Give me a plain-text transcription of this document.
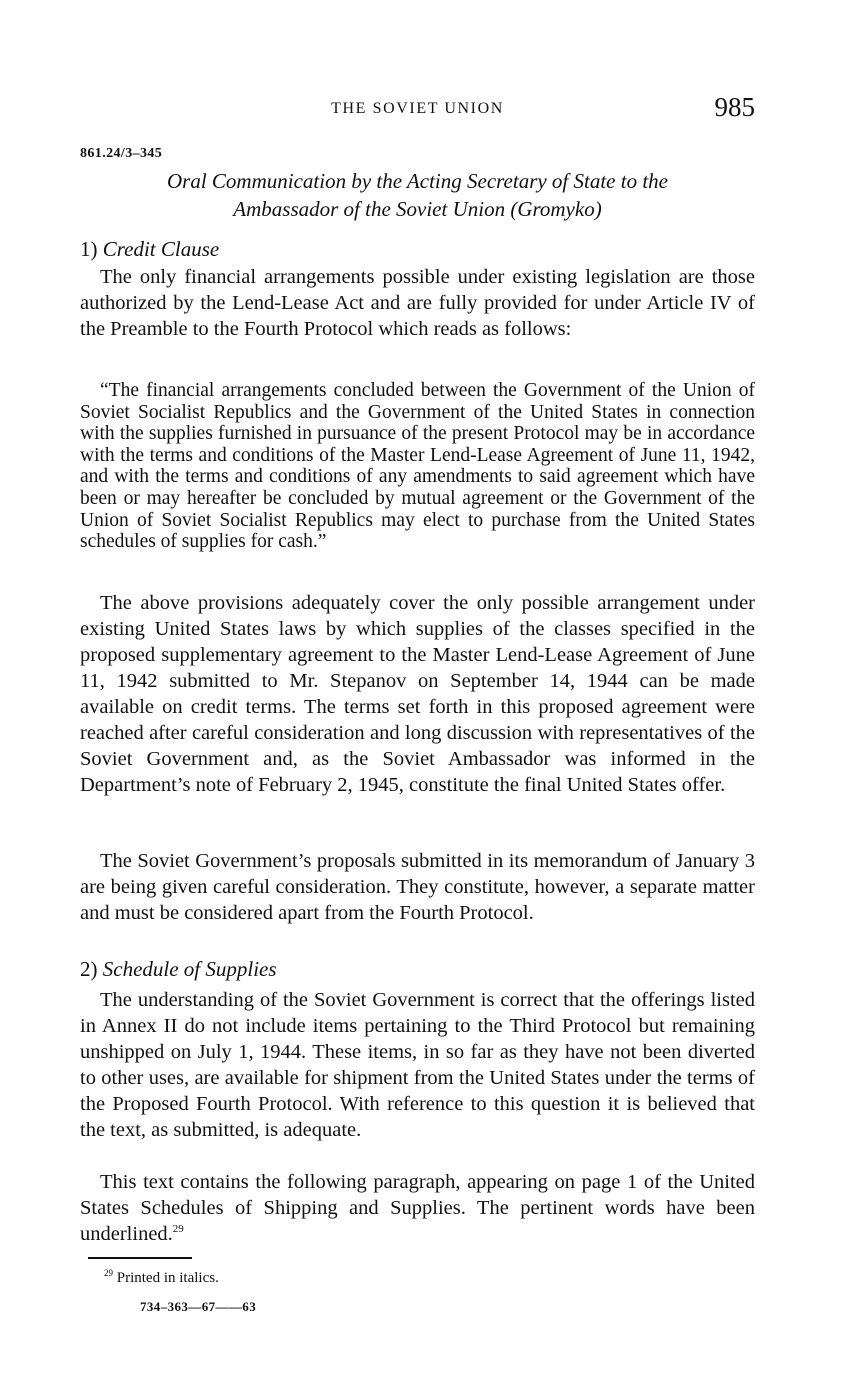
THE SOVIET UNION	985
861.24/3–345
Oral Communication by the Acting Secretary of State to the
Ambassador of the Soviet Union (Gromyko)
1) Credit Clause

The only financial arrangements possible under existing legislation are those authorized by the Lend-Lease Act and are fully provided for under Article IV of the Preamble to the Fourth Protocol which reads as follows:

“The financial arrangements concluded between the Government of the Union of Soviet Socialist Republics and the Government of the United States in connection with the supplies furnished in pursuance of the present Protocol may be in accordance with the terms and conditions of the Master Lend-Lease Agreement of June 11, 1942, and with the terms and conditions of any amendments to said agreement which have been or may hereafter be concluded by mutual agreement or the Government of the Union of Soviet Socialist Republics may elect to purchase from the United States schedules of supplies for cash.”

The above provisions adequately cover the only possible arrangement under existing United States laws by which supplies of the classes specified in the proposed supplementary agreement to the Master Lend-Lease Agreement of June 11, 1942 submitted to Mr. Stepanov on September 14, 1944 can be made available on credit terms. The terms set forth in this proposed agreement were reached after careful consideration and long discussion with representatives of the Soviet Government and, as the Soviet Ambassador was informed in the Department’s note of February 2, 1945, constitute the final United States offer.

The Soviet Government’s proposals submitted in its memorandum of January 3 are being given careful consideration. They constitute, however, a separate matter and must be considered apart from the Fourth Protocol.

2) Schedule of Supplies

The understanding of the Soviet Government is correct that the offerings listed in Annex II do not include items pertaining to the Third Protocol but remaining unshipped on July 1, 1944. These items, in so far as they have not been diverted to other uses, are available for shipment from the United States under the terms of the Proposed Fourth Protocol. With reference to this question it is believed that the text, as submitted, is adequate.

This text contains the following paragraph, appearing on page 1 of the United States Schedules of Shipping and Supplies. The pertinent words have been underlined.$^{29}$

$^{29}$ Printed in italics.
734–363—67——63
